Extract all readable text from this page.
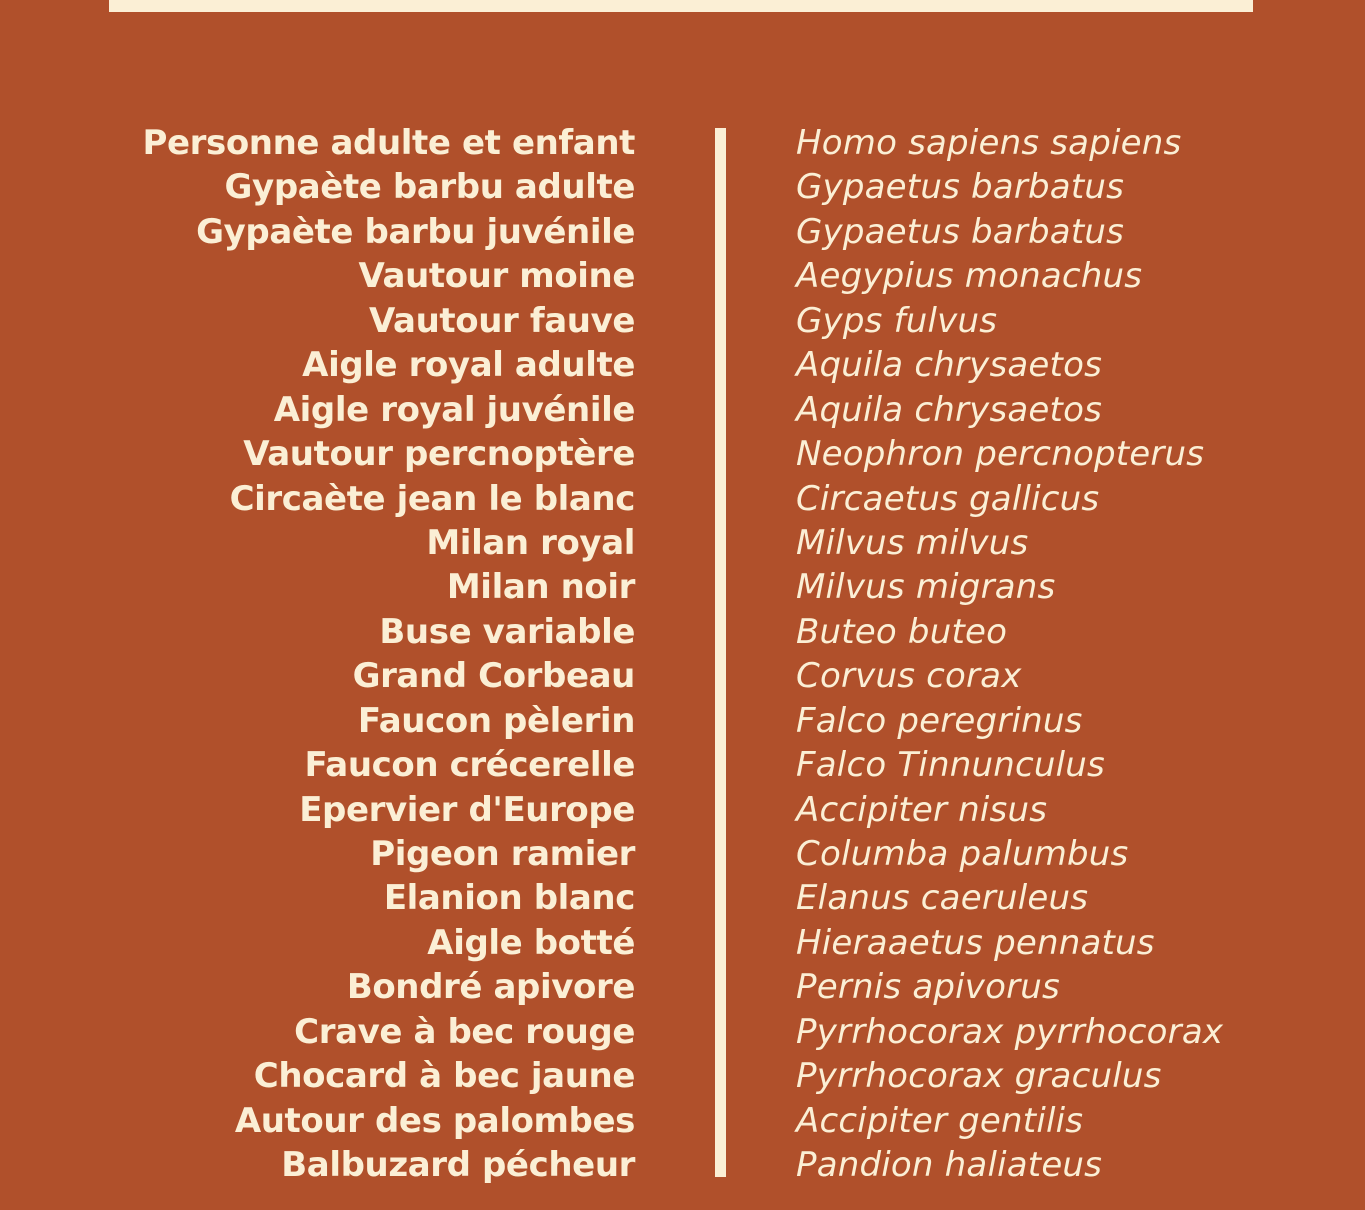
Personne adulte et enfant
Gypaète barbu adulte
Gypaète barbu juvénile
Vautour moine
Vautour fauve
Aigle royal adulte
Aigle royal juvénile
Vautour percnoptère
Circaète jean le blanc
Milan royal
Milan noir
Buse variable
Grand Corbeau
Faucon pèlerin
Faucon crécerelle
Epervier d'Europe
Pigeon ramier
Elanion blanc
Aigle botté
Bondré apivore
Crave à bec rouge
Chocard à bec jaune
Autour des palombes
Balbuzard pécheur
Homo sapiens sapiens
Gypaetus barbatus
Gypaetus barbatus
Aegypius monachus
Gyps fulvus
Aquila chrysaetos
Aquila chrysaetos
Neophron percnopterus
Circaetus gallicus
Milvus milvus
Milvus migrans
Buteo buteo
Corvus corax
Falco peregrinus
Falco Tinnunculus
Accipiter nisus
Columba palumbus
Elanus caeruleus
Hieraaetus pennatus
Pernis apivorus
Pyrrhocorax pyrrhocorax
Pyrrhocorax graculus
Accipiter gentilis
Pandion haliateus
